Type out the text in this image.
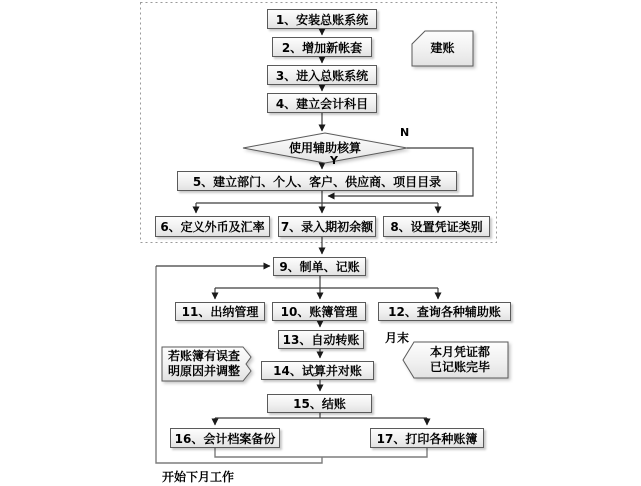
1、安装总账系统
2、增加新帐套
3、进入总账系统
4、建立会计科目
5、建立部门、个人、客户、供应商、项目目录
6、定义外币及汇率	7、录入期初余额	8、设置凭证类别
9、制单、记账
11、出纳管理	10、账簿管理	12、查询各种辅助账
13、自动转账
14、试算并对账
15、结账
16、会计档案备份	17、打印各种账簿
使用辅助核算
N
Y
建账
若账簿有误查
明原因并调整
本月凭证都
已记账完毕
月末
开始下月工作
